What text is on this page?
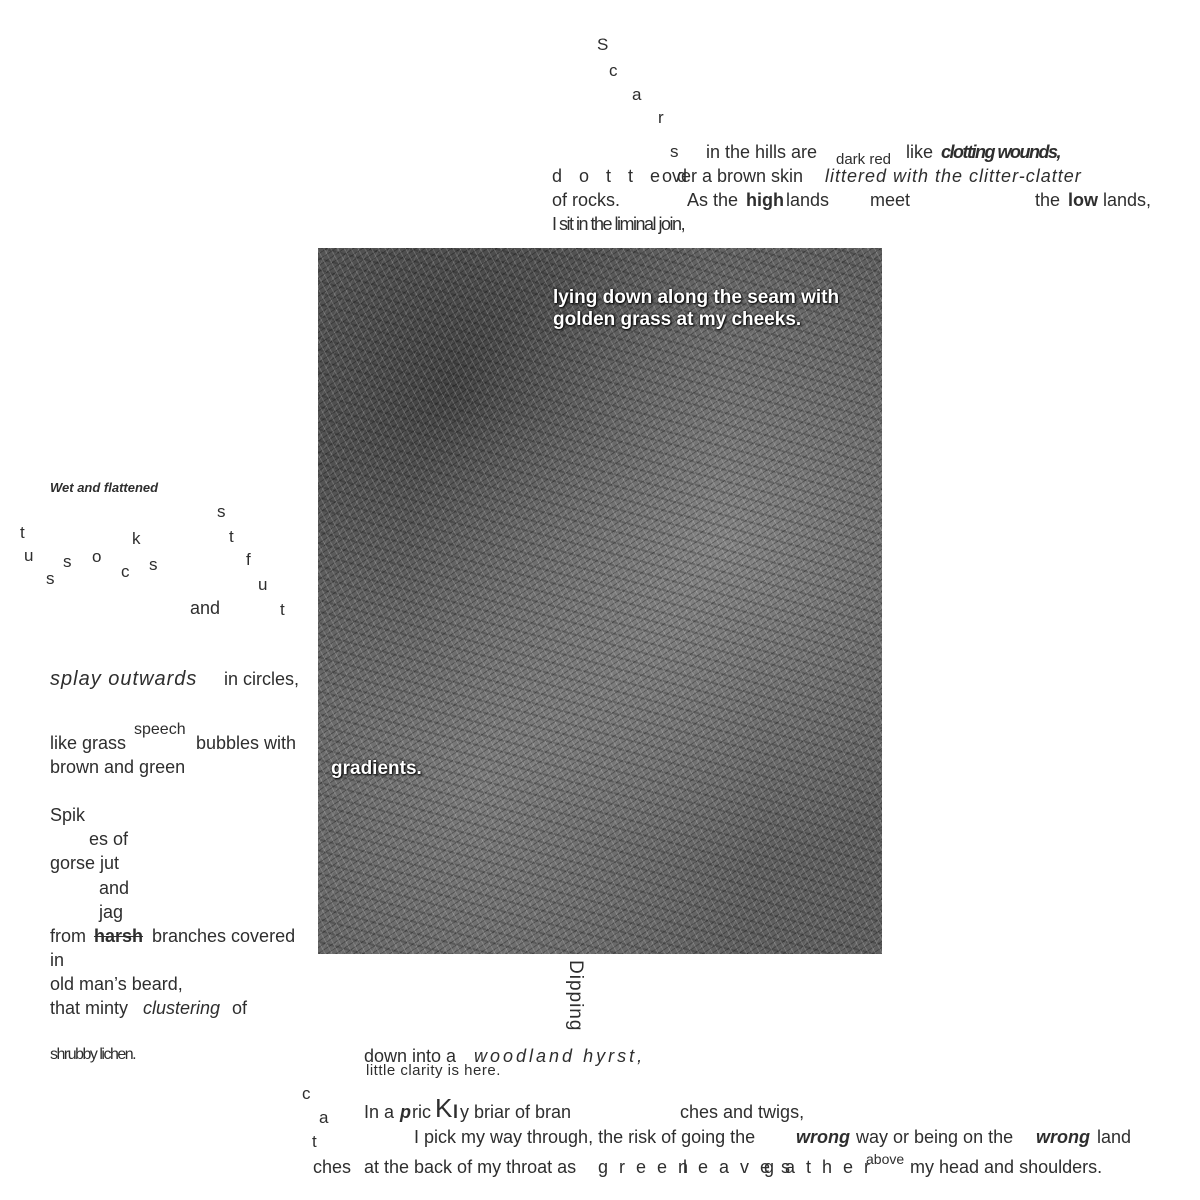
S
c
a
r
s in the hills are dark red like clotting wounds,
d o t t e d
over a brown skin littered with the clitter-clatter
of rocks.	As the high lands meet	the low lands,
I sit in the liminal join,
lying down along the seam with
golden grass at my cheeks.
gradients.
Wet and flattened
t
u
s
s o
c
k
s
s
t
f
u
t
and
splay outwards in circles,
like grass
speech
bubbles with
brown and green
Spik
es of
gorse jut
and
jag
from harsh branches covered
in
old man’s beard,
that minty clustering of
shrubby lichen.
Dipping
down into a woodland hyrst,
little clarity is here.
c
a
t
ches
In a p ric K l y briar of bran	ches and twigs,
I pick my way through, the risk of going the wrong way or being on the wrong land
at the back of my throat as g r e e n
l e a v e s
g a t h e r
above my head and shoulders.
